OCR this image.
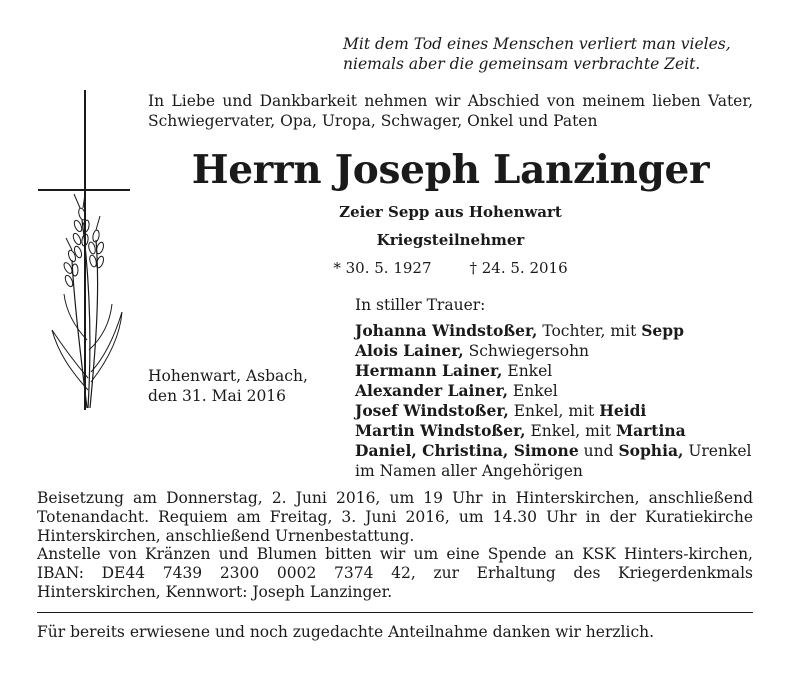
Mit dem Tod eines Menschen verliert man vieles,
niemals aber die gemeinsam verbrachte Zeit.
In Liebe und Dankbarkeit nehmen wir Abschied von meinem lieben Vater, Schwiegervater, Opa, Uropa, Schwager, Onkel und Paten
Herrn Joseph Lanzinger
Zeier Sepp aus Hohenwart
Kriegsteilnehmer
* 30. 5. 1927	† 24. 5. 2016
Hohenwart, Asbach,
den 31. Mai 2016
In stiller Trauer:
Johanna Windstoßer, Tochter, mit Sepp
Alois Lainer, Schwiegersohn
Hermann Lainer, Enkel
Alexander Lainer, Enkel
Josef Windstoßer, Enkel, mit Heidi
Martin Windstoßer, Enkel, mit Martina
Daniel, Christina, Simone und Sophia, Urenkel
im Namen aller Angehörigen

Beisetzung am Donnerstag, 2. Juni 2016, um 19 Uhr in Hinterskirchen, anschließend Totenandacht. Requiem am Freitag, 3. Juni 2016, um 14.30 Uhr in der Kuratiekirche Hinterskirchen, anschließend Urnenbestattung.

Anstelle von Kränzen und Blumen bitten wir um eine Spende an KSK Hinters-kirchen, IBAN: DE44 7439 2300 0002 7374 42, zur Erhaltung des Kriegerdenkmals Hinterskirchen, Kennwort: Joseph Lanzinger.

Für bereits erwiesene und noch zugedachte Anteilnahme danken wir herzlich.
